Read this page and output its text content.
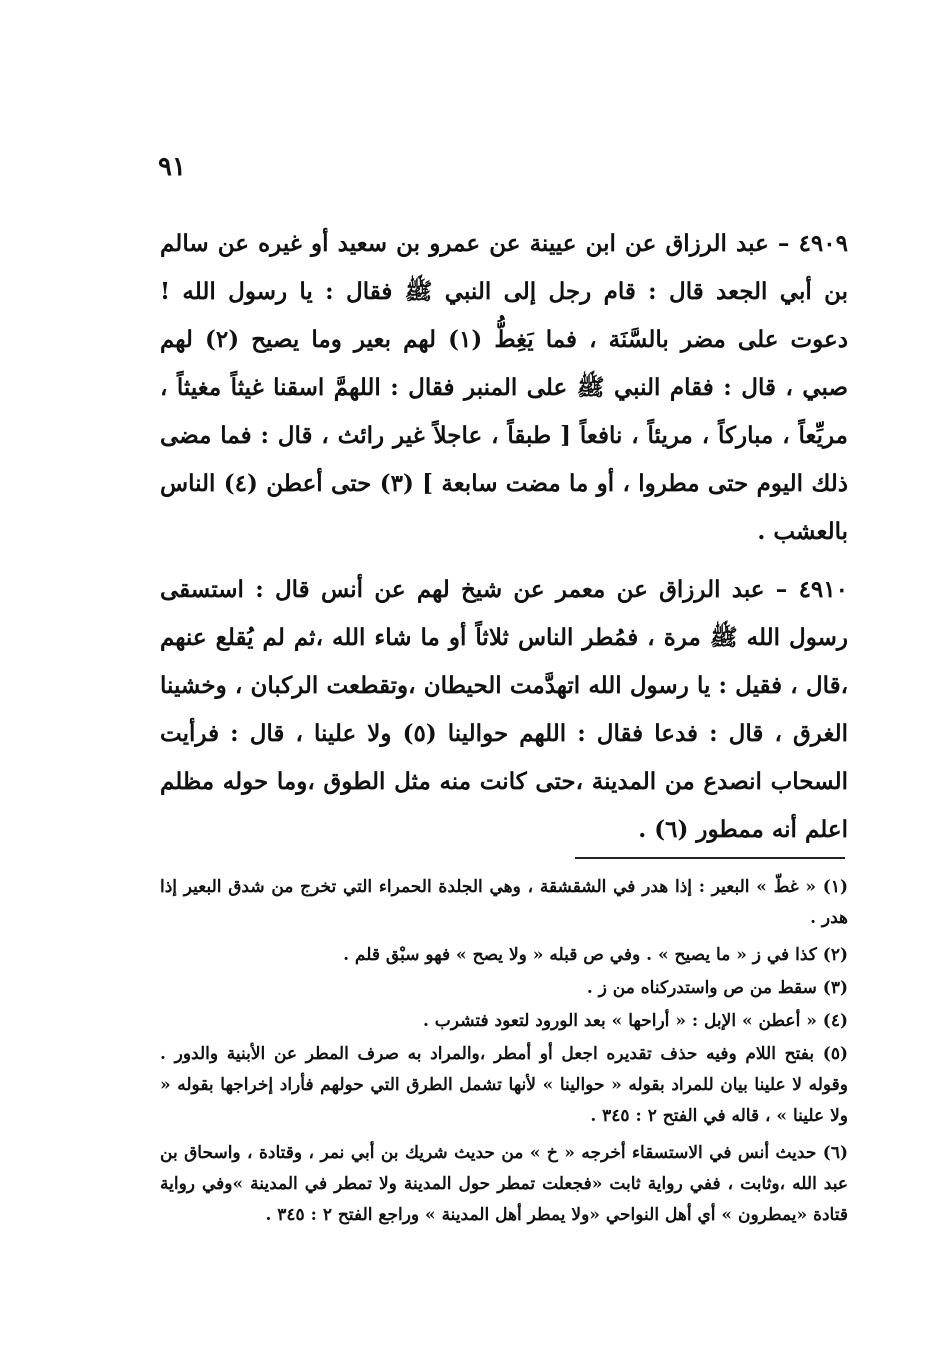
٩١

٤٩٠٩ – عبد الرزاق عن ابن عيينة عن عمرو بن سعيد أو غيره عن سالم بن أبي الجعد قال : قام رجل إلى النبي ﷺ فقال : يا رسول الله ! دعوت على مضر بالسَّنَة ، فما يَغِطُّ (١) لهم بعير وما يصيح (٢) لهم صبي ، قال : فقام النبي ﷺ على المنبر فقال : اللهمَّ اسقنا غيثاً مغيثاً ، مريِّعاً ، مباركاً ، مريئاً ، نافعاً [ طبقاً ، عاجلاً غير رائث ، قال : فما مضى ذلك اليوم حتى مطروا ، أو ما مضت سابعة ] (٣) حتى أعطن (٤) الناس بالعشب .

٤٩١٠ – عبد الرزاق عن معمر عن شيخ لهم عن أنس قال : استسقى رسول الله ﷺ مرة ، فمُطر الناس ثلاثاً أو ما شاء الله ،ثم لم يُقلع عنهم ،قال ، فقيل : يا رسول الله اتهدَّمت الحيطان ،وتقطعت الركبان ، وخشينا الغرق ، قال : فدعا فقال : اللهم حوالينا (٥) ولا علينا ، قال : فرأيت السحاب انصدع من المدينة ،حتى كانت منه مثل الطوق ،وما حوله مظلم اعلم أنه ممطور (٦) .

(١) « غطّ » البعير : إذا هدر في الشقشقة ، وهي الجلدة الحمراء التي تخرج من شدق البعير إذا هدر .

(٢) كذا في ز « ما يصيح » . وفي ص قبله « ولا يصح » فهو سبْق قلم .

(٣) سقط من ص واستدركناه من ز .

(٤) « أعطن » الإبل : « أراحها » بعد الورود لتعود فتشرب .

(٥) بفتح اللام وفيه حذف تقديره اجعل أو أمطر ،والمراد به صرف المطر عن الأبنية والدور . وقوله لا علينا بيان للمراد بقوله « حوالينا » لأنها تشمل الطرق التي حولهم فأراد إخراجها بقوله « ولا علينا » ، قاله في الفتح ٢ : ٣٤٥ .

(٦) حديث أنس في الاستسقاء أخرجه « خ » من حديث شريك بن أبي نمر ، وقتادة ، واسحاق بن عبد الله ،وثابت ، ففي رواية ثابت «فجعلت تمطر حول المدينة ولا تمطر في المدينة »وفي رواية قتادة «يمطرون » أي أهل النواحي «ولا يمطر أهل المدينة » وراجع الفتح ٢ : ٣٤٥ .
